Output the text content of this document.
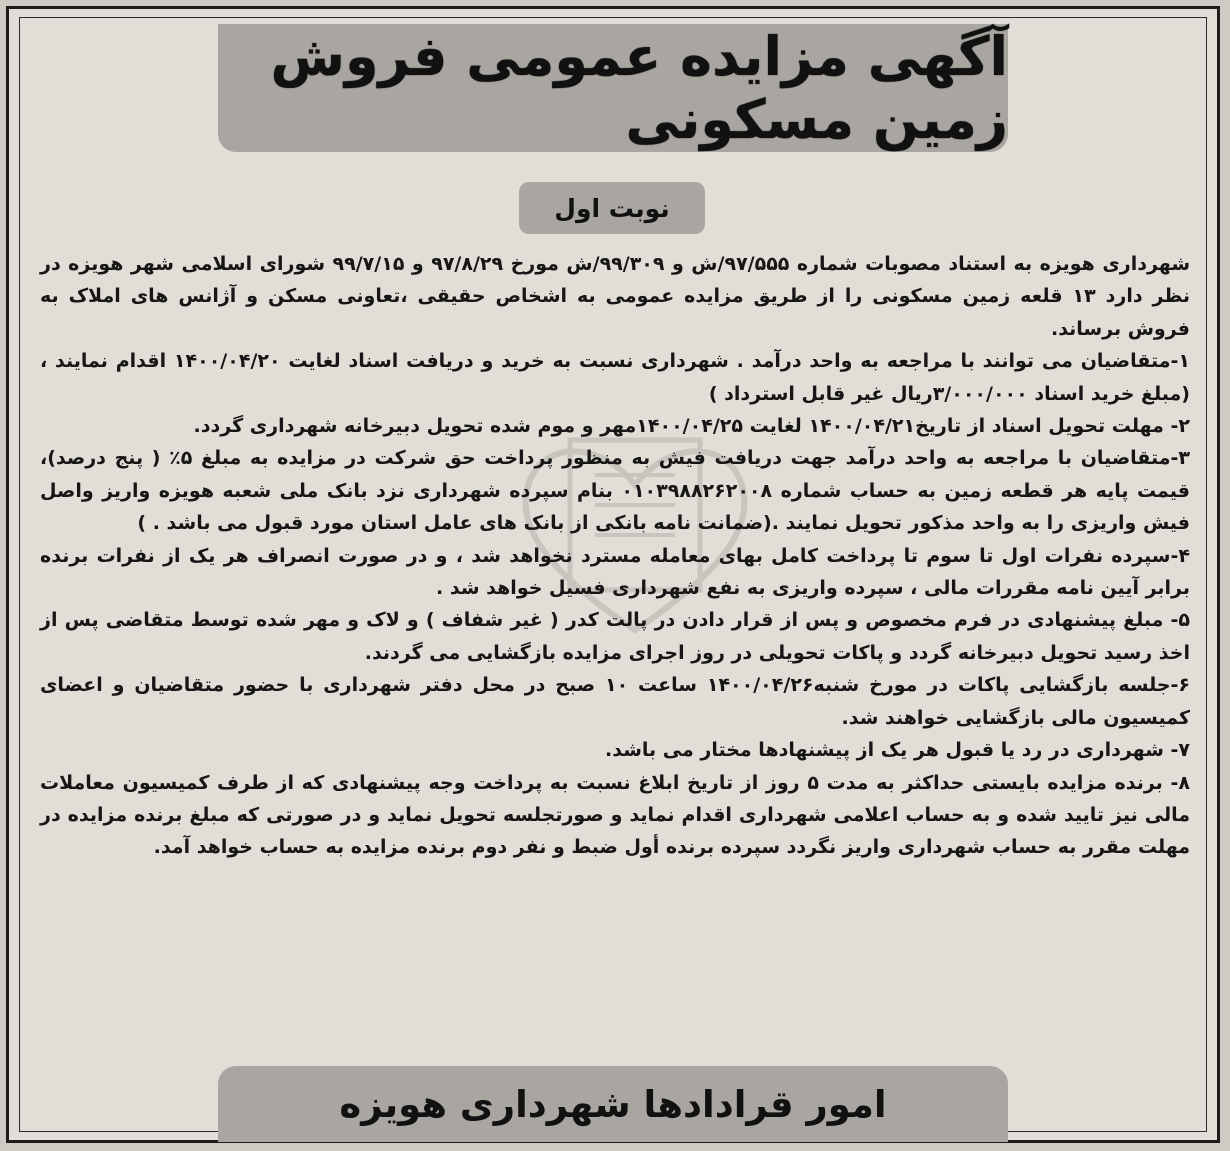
آگهی مزایده عمومی فروش زمین مسکونی
نوبت اول

شهرداری هویزه به استناد مصوبات شماره ۹۷/۵۵۵/ش و ۹۹/۳۰۹/ش مورخ ۹۷/۸/۲۹ و ۹۹/۷/۱۵ شورای اسلامی شهر هویزه در نظر دارد ۱۳ قلعه زمین مسکونی را از طریق مزایده عمومی به اشخاص حقیقی ،تعاونی مسکن و آژانس های املاک به فروش برساند.

۱-متقاضیان می توانند با مراجعه به واحد درآمد . شهرداری نسبت به خرید و دریافت اسناد لغایت ۱۴۰۰/۰۴/۲۰ اقدام نمایند ، (مبلغ خرید اسناد ۳/۰۰۰/۰۰۰ریال غیر قابل استرداد )

۲- مهلت تحویل اسناد از تاریخ۱۴۰۰/۰۴/۲۱ لغایت ۱۴۰۰/۰۴/۲۵مهر و موم شده تحویل دبیرخانه شهرداری گردد.

۳-متقاضیان با مراجعه به واحد درآمد جهت دریافت فیش به منظور پرداخت حق شرکت در مزایده به مبلغ ۵٪ ( پنج درصد)، قیمت پایه هر قطعه زمین به حساب شماره ۰۱۰۳۹۸۸۲۶۲۰۰۸ بنام سپرده شهرداری نزد بانک ملی شعبه هویزه واریز واصل فیش واریزی را به واحد مذکور تحویل نمایند .(ضمانت نامه بانکی از بانک های عامل استان مورد قبول می باشد . )

۴-سپرده نفرات اول تا سوم تا پرداخت کامل بهای معامله مسترد نخواهد شد ، و در صورت انصراف هر یک از نفرات برنده برابر آیین نامه مقررات مالی ، سپرده واریزی به نفع شهرداری فسیل خواهد شد .

۵- مبلغ پیشنهادی در فرم مخصوص و پس از قرار دادن در پالت کدر ( غیر شفاف ) و لاک و مهر شده توسط متقاضی پس از اخذ رسید تحویل دبیرخانه گردد و پاکات تحویلی در روز اجرای مزایده بازگشایی می گردند.

۶-جلسه بازگشایی پاکات در مورخ شنبه۱۴۰۰/۰۴/۲۶ ساعت ۱۰ صبح در محل دفتر شهرداری با حضور متقاضیان و اعضای کمیسیون مالی بازگشایی خواهند شد.

۷- شهرداری در رد یا قبول هر یک از پیشنهادها مختار می باشد.

۸- برنده مزایده بایستی حداکثر به مدت ۵ روز از تاریخ ابلاغ نسبت به پرداخت وجه پیشنهادی که از طرف کمیسیون معاملات مالی نیز تایید شده و به حساب اعلامی شهرداری اقدام نماید و صورتجلسه تحویل نماید و در صورتی که مبلغ برنده مزایده در مهلت مقرر به حساب شهرداری واریز نگردد سپرده برنده أول ضبط و نفر دوم برنده مزایده به حساب خواهد آمد.

امور قرادادها شهرداری هویزه
